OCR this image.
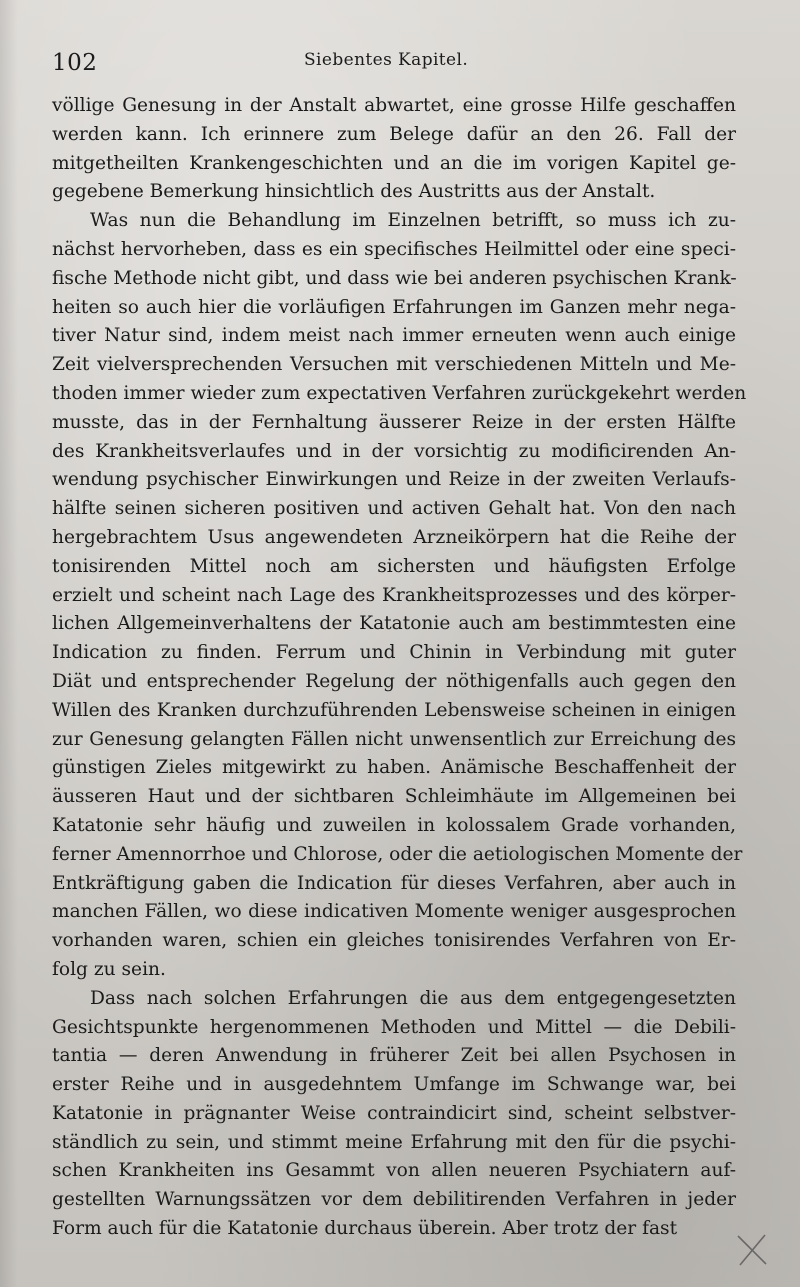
102	Siebentes Kapitel.
völlige Genesung in der Anstalt abwartet, eine grosse Hilfe geschaffen
werden kann. Ich erinnere zum Belege dafür an den 26. Fall der
mitgetheilten Krankengeschichten und an die im vorigen Kapitel ge-
gegebene Bemerkung hinsichtlich des Austritts aus der Anstalt.
Was nun die Behandlung im Einzelnen betrifft, so muss ich zu-
nächst hervorheben, dass es ein specifisches Heilmittel oder eine speci-
fische Methode nicht gibt, und dass wie bei anderen psychischen Krank-
heiten so auch hier die vorläufigen Erfahrungen im Ganzen mehr nega-
tiver Natur sind, indem meist nach immer erneuten wenn auch einige
Zeit vielversprechenden Versuchen mit verschiedenen Mitteln und Me-
thoden immer wieder zum expectativen Verfahren zurückgekehrt werden
musste, das in der Fernhaltung äusserer Reize in der ersten Hälfte
des Krankheitsverlaufes und in der vorsichtig zu modificirenden An-
wendung psychischer Einwirkungen und Reize in der zweiten Verlaufs-
hälfte seinen sicheren positiven und activen Gehalt hat. Von den nach
hergebrachtem Usus angewendeten Arzneikörpern hat die Reihe der
tonisirenden Mittel noch am sichersten und häufigsten Erfolge
erzielt und scheint nach Lage des Krankheitsprozesses und des körper-
lichen Allgemeinverhaltens der Katatonie auch am bestimmtesten eine
Indication zu finden. Ferrum und Chinin in Verbindung mit guter
Diät und entsprechender Regelung der nöthigenfalls auch gegen den
Willen des Kranken durchzuführenden Lebensweise scheinen in einigen
zur Genesung gelangten Fällen nicht unwensentlich zur Erreichung des
günstigen Zieles mitgewirkt zu haben. Anämische Beschaffenheit der
äusseren Haut und der sichtbaren Schleimhäute im Allgemeinen bei
Katatonie sehr häufig und zuweilen in kolossalem Grade vorhanden,
ferner Amennorrhoe und Chlorose, oder die aetiologischen Momente der
Entkräftigung gaben die Indication für dieses Verfahren, aber auch in
manchen Fällen, wo diese indicativen Momente weniger ausgesprochen
vorhanden waren, schien ein gleiches tonisirendes Verfahren von Er-
folg zu sein.
Dass nach solchen Erfahrungen die aus dem entgegengesetzten
Gesichtspunkte hergenommenen Methoden und Mittel — die Debili-
tantia — deren Anwendung in früherer Zeit bei allen Psychosen in
erster Reihe und in ausgedehntem Umfange im Schwange war, bei
Katatonie in prägnanter Weise contraindicirt sind, scheint selbstver-
ständlich zu sein, und stimmt meine Erfahrung mit den für die psychi-
schen Krankheiten ins Gesammt von allen neueren Psychiatern auf-
gestellten Warnungssätzen vor dem debilitirenden Verfahren in jeder
Form auch für die Katatonie durchaus überein. Aber trotz der fast
